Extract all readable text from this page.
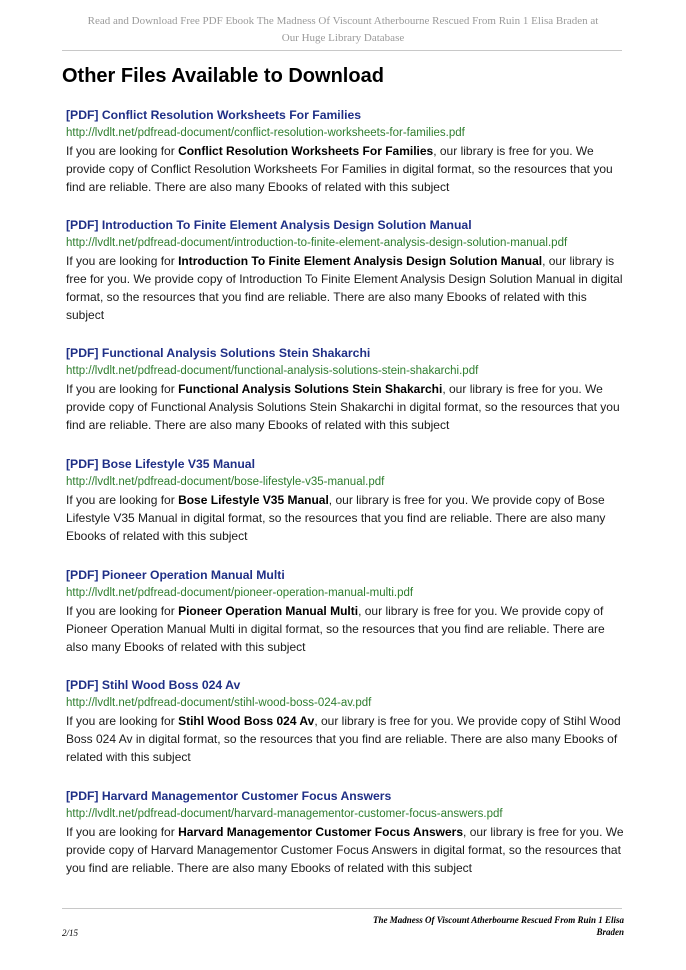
Read and Download Free PDF Ebook The Madness Of Viscount Atherbourne Rescued From Ruin 1 Elisa Braden at
Our Huge Library Database
Other Files Available to Download
[PDF] Conflict Resolution Worksheets For Families
http://lvdlt.net/pdfread-document/conflict-resolution-worksheets-for-families.pdf

If you are looking for Conflict Resolution Worksheets For Families, our library is free for you. We provide copy of Conflict Resolution Worksheets For Families in digital format, so the resources that you find are reliable. There are also many Ebooks of related with this subject

[PDF] Introduction To Finite Element Analysis Design Solution Manual
http://lvdlt.net/pdfread-document/introduction-to-finite-element-analysis-design-solution-manual.pdf

If you are looking for Introduction To Finite Element Analysis Design Solution Manual, our library is free for you. We provide copy of Introduction To Finite Element Analysis Design Solution Manual in digital format, so the resources that you find are reliable. There are also many Ebooks of related with this subject

[PDF] Functional Analysis Solutions Stein Shakarchi
http://lvdlt.net/pdfread-document/functional-analysis-solutions-stein-shakarchi.pdf

If you are looking for Functional Analysis Solutions Stein Shakarchi, our library is free for you. We provide copy of Functional Analysis Solutions Stein Shakarchi in digital format, so the resources that you find are reliable. There are also many Ebooks of related with this subject

[PDF] Bose Lifestyle V35 Manual
http://lvdlt.net/pdfread-document/bose-lifestyle-v35-manual.pdf

If you are looking for Bose Lifestyle V35 Manual, our library is free for you. We provide copy of Bose Lifestyle V35 Manual in digital format, so the resources that you find are reliable. There are also many Ebooks of related with this subject

[PDF] Pioneer Operation Manual Multi
http://lvdlt.net/pdfread-document/pioneer-operation-manual-multi.pdf

If you are looking for Pioneer Operation Manual Multi, our library is free for you. We provide copy of Pioneer Operation Manual Multi in digital format, so the resources that you find are reliable. There are also many Ebooks of related with this subject

[PDF] Stihl Wood Boss 024 Av
http://lvdlt.net/pdfread-document/stihl-wood-boss-024-av.pdf

If you are looking for Stihl Wood Boss 024 Av, our library is free for you. We provide copy of Stihl Wood Boss 024 Av in digital format, so the resources that you find are reliable. There are also many Ebooks of related with this subject

[PDF] Harvard Managementor Customer Focus Answers
http://lvdlt.net/pdfread-document/harvard-managementor-customer-focus-answers.pdf

If you are looking for Harvard Managementor Customer Focus Answers, our library is free for you. We provide copy of Harvard Managementor Customer Focus Answers in digital format, so the resources that you find are reliable. There are also many Ebooks of related with this subject

2/15
The Madness Of Viscount Atherbourne Rescued From Ruin 1 Elisa
Braden
